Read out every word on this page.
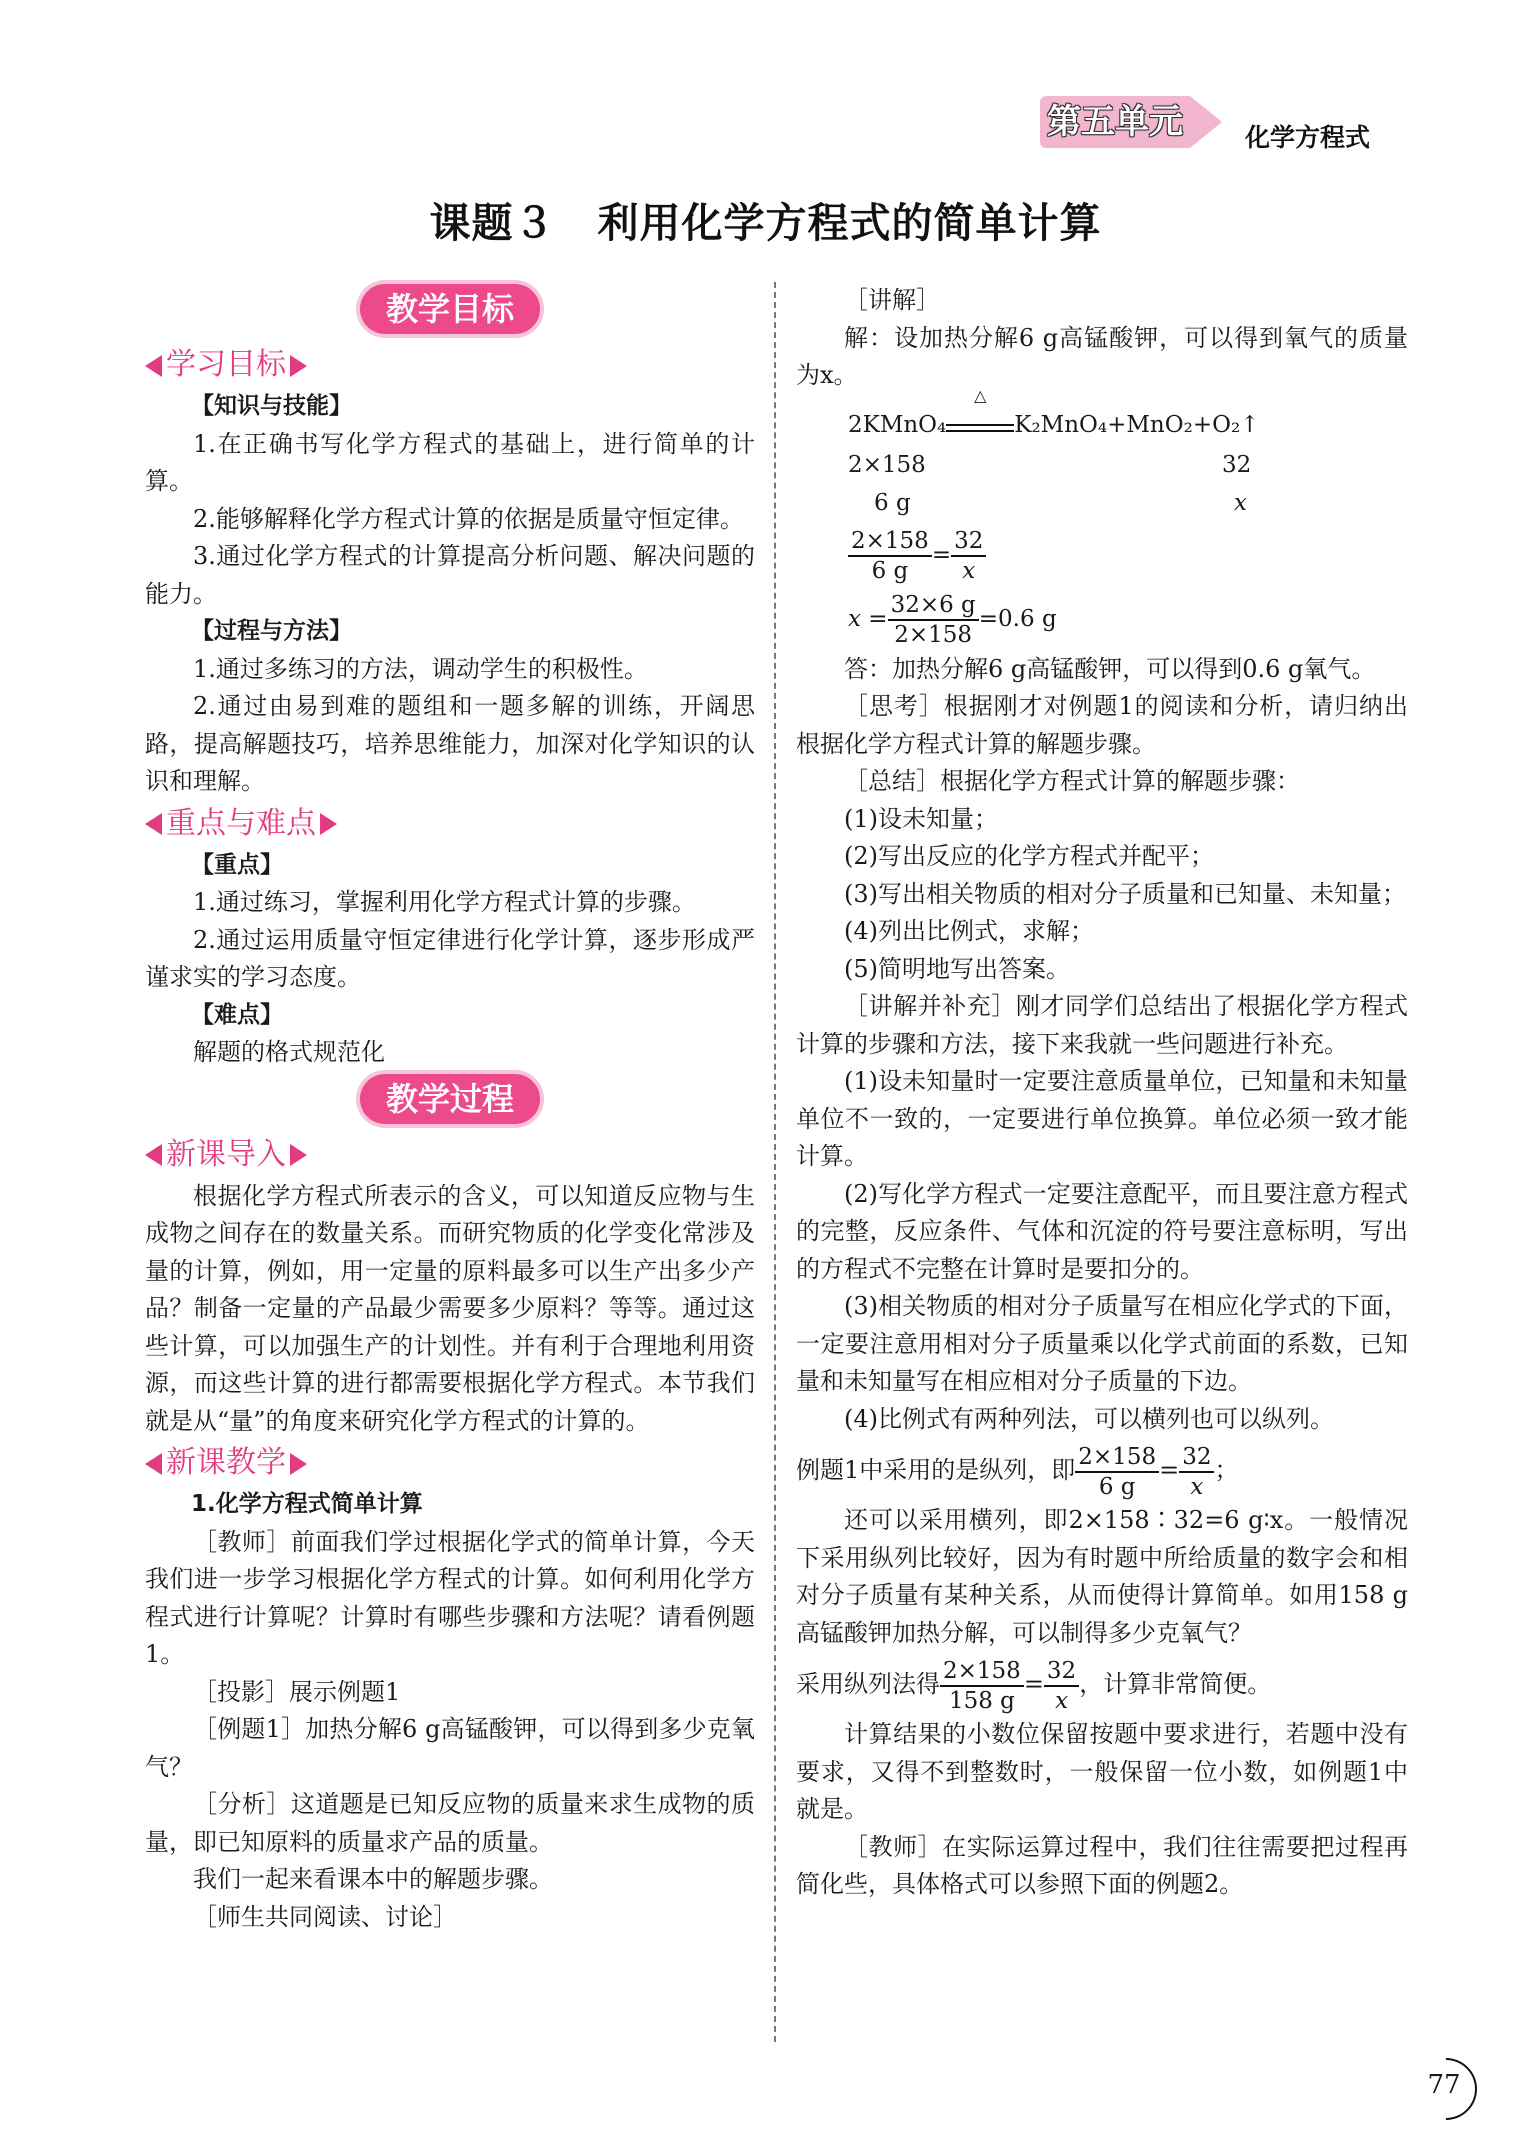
第五单元 化学方程式
课题３　利用化学方程式的简单计算
教学目标
学习目标

【知识与技能】

1.在正确书写化学方程式的基础上，进行简单的计算。

2.能够解释化学方程式计算的依据是质量守恒定律。

3.通过化学方程式的计算提高分析问题、解决问题的能力。

【过程与方法】

1.通过多练习的方法，调动学生的积极性。

2.通过由易到难的题组和一题多解的训练，开阔思路，提高解题技巧，培养思维能力，加深对化学知识的认识和理解。

重点与难点

【重点】

1.通过练习，掌握利用化学方程式计算的步骤。

2.通过运用质量守恒定律进行化学计算，逐步形成严谨求实的学习态度。

【难点】

解题的格式规范化

教学过程
新课导入

根据化学方程式所表示的含义，可以知道反应物与生成物之间存在的数量关系。而研究物质的化学变化常涉及量的计算，例如，用一定量的原料最多可以生产出多少产品？制备一定量的产品最少需要多少原料？等等。通过这些计算，可以加强生产的计划性。并有利于合理地利用资源，而这些计算的进行都需要根据化学方程式。本节我们就是从“量”的角度来研究化学方程式的计算的。

新课教学

1.化学方程式简单计算

［教师］前面我们学过根据化学式的简单计算，今天我们进一步学习根据化学方程式的计算。如何利用化学方程式进行计算呢？计算时有哪些步骤和方法呢？请看例题1。

［投影］展示例题1

［例题1］加热分解6 g高锰酸钾，可以得到多少克氧气？

［分析］这道题是已知反应物的质量来求生成物的质量，即已知原料的质量求产品的质量。

我们一起来看课本中的解题步骤。

［师生共同阅读、讨论］

［讲解］

解：设加热分解6 g高锰酸钾，可以得到氧气的质量为x。

2KMnO₄
△
K₂MnO₄+MnO₂+O₂↑
2×158	32
6 g	x
$\frac{2\times 158}{6 g} = \frac{32}{x}$
$x = \frac{32\times 6 g}{2\times 158} =0.6$ g

答：加热分解6 g高锰酸钾，可以得到0.6 g氧气。

［思考］根据刚才对例题1的阅读和分析，请归纳出根据化学方程式计算的解题步骤。

［总结］根据化学方程式计算的解题步骤：

(1)设未知量；

(2)写出反应的化学方程式并配平；

(3)写出相关物质的相对分子质量和已知量、未知量；

(4)列出比例式，求解；

(5)简明地写出答案。

［讲解并补充］刚才同学们总结出了根据化学方程式计算的步骤和方法，接下来我就一些问题进行补充。

(1)设未知量时一定要注意质量单位，已知量和未知量单位不一致的，一定要进行单位换算。单位必须一致才能计算。

(2)写化学方程式一定要注意配平，而且要注意方程式的完整，反应条件、气体和沉淀的符号要注意标明，写出的方程式不完整在计算时是要扣分的。

(3)相关物质的相对分子质量写在相应化学式的下面，一定要注意用相对分子质量乘以化学式前面的系数，已知量和未知量写在相应相对分子质量的下边。

(4)比例式有两种列法，可以横列也可以纵列。

例题1中采用的是纵列，即 $\frac{2\times 158}{6 g} = \frac{32}{x}$ ；

还可以采用横列，即2×158∶32=6 g∶x。一般情况下采用纵列比较好，因为有时题中所给质量的数字会和相对分子质量有某种关系，从而使得计算简单。如用158 g高锰酸钾加热分解，可以制得多少克氧气？

采用纵列法得 $\frac{2\times 158}{158 g} = \frac{32}{x}$ ，计算非常简便。

计算结果的小数位保留按题中要求进行，若题中没有要求，又得不到整数时，一般保留一位小数，如例题1中就是。

［教师］在实际运算过程中，我们往往需要把过程再简化些，具体格式可以参照下面的例题2。

77
